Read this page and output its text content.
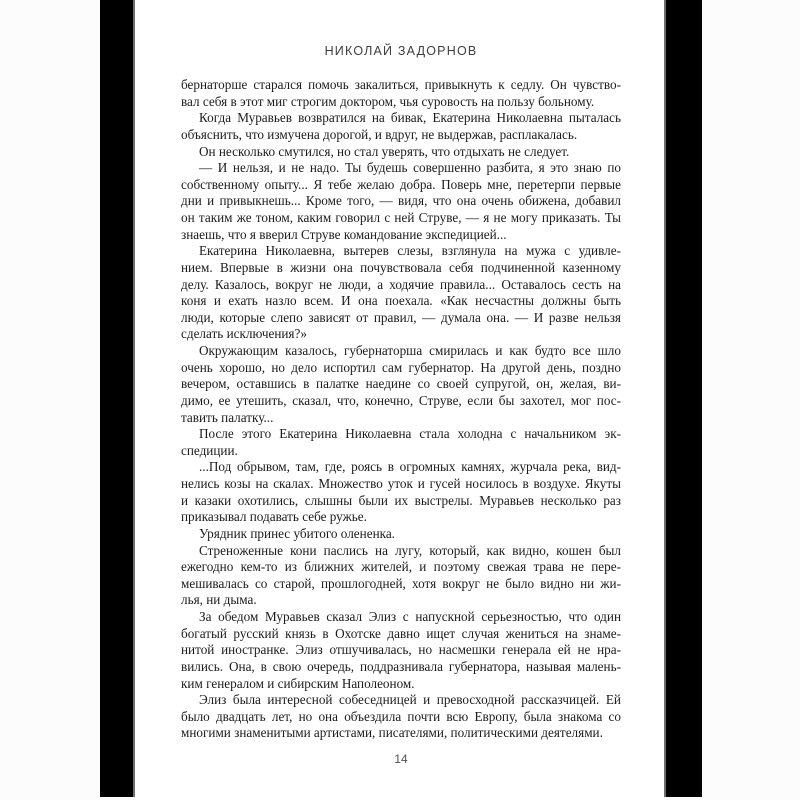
НИКОЛАЙ ЗАДОРНОВ
бернаторше старался помочь закалиться, привыкнуть к седлу. Он чувство-
вал себя в этот миг строгим доктором, чья суровость на пользу больному.
Когда Муравьев возвратился на бивак, Екатерина Николаевна пыталась
объяснить, что измучена дорогой, и вдруг, не выдержав, расплакалась.
Он несколько смутился, но стал уверять, что отдыхать не следует.
— И нельзя, и не надо. Ты будешь совершенно разбита, я это знаю по
собственному опыту... Я тебе желаю добра. Поверь мне, перетерпи первые
дни и привыкнешь... Кроме того, — видя, что она очень обижена, добавил
он таким же тоном, каким говорил с ней Струве, — я не могу приказать. Ты
знаешь, что я вверил Струве командование экспедицией...
Екатерина Николаевна, вытерев слезы, взглянула на мужа с удивле-
нием. Впервые в жизни она почувствовала себя подчиненной казенному
делу. Казалось, вокруг не люди, а ходячие правила... Оставалось сесть на
коня и ехать назло всем. И она поехала. «Как несчастны должны быть
люди, которые слепо зависят от правил, — думала она. — И разве нельзя
сделать исключения?»
Окружающим казалось, губернаторша смирилась и как будто все шло
очень хорошо, но дело испортил сам губернатор. На другой день, поздно
вечером, оставшись в палатке наедине со своей супругой, он, желая, ви-
димо, ее утешить, сказал, что, конечно, Струве, если бы захотел, мог пос-
тавить палатку...
После этого Екатерина Николаевна стала холодна с начальником эк-
спедиции.
...Под обрывом, там, где, роясь в огромных камнях, журчала река, вид-
нелись козы на скалах. Множество уток и гусей носилось в воздухе. Якуты
и казаки охотились, слышны были их выстрелы. Муравьев несколько раз
приказывал подавать себе ружье.
Урядник принес убитого олененка.
Стреноженные кони паслись на лугу, который, как видно, кошен был
ежегодно кем-то из ближних жителей, и поэтому свежая трава не пере-
мешивалась со старой, прошлогодней, хотя вокруг не было видно ни жи-
лья, ни дыма.
За обедом Муравьев сказал Элиз с напускной серьезностью, что один
богатый русский князь в Охотске давно ищет случая жениться на знаме-
нитой иностранке. Элиз отшучивалась, но насмешки генерала ей не нра-
вились. Она, в свою очередь, поддразнивала губернатора, называя малень-
ким генералом и сибирским Наполеоном.
Элиз была интересной собеседницей и превосходной рассказчицей. Ей
было двадцать лет, но она объездила почти всю Европу, была знакома со
многими знаменитыми артистами, писателями, политическими деятелями.
14
